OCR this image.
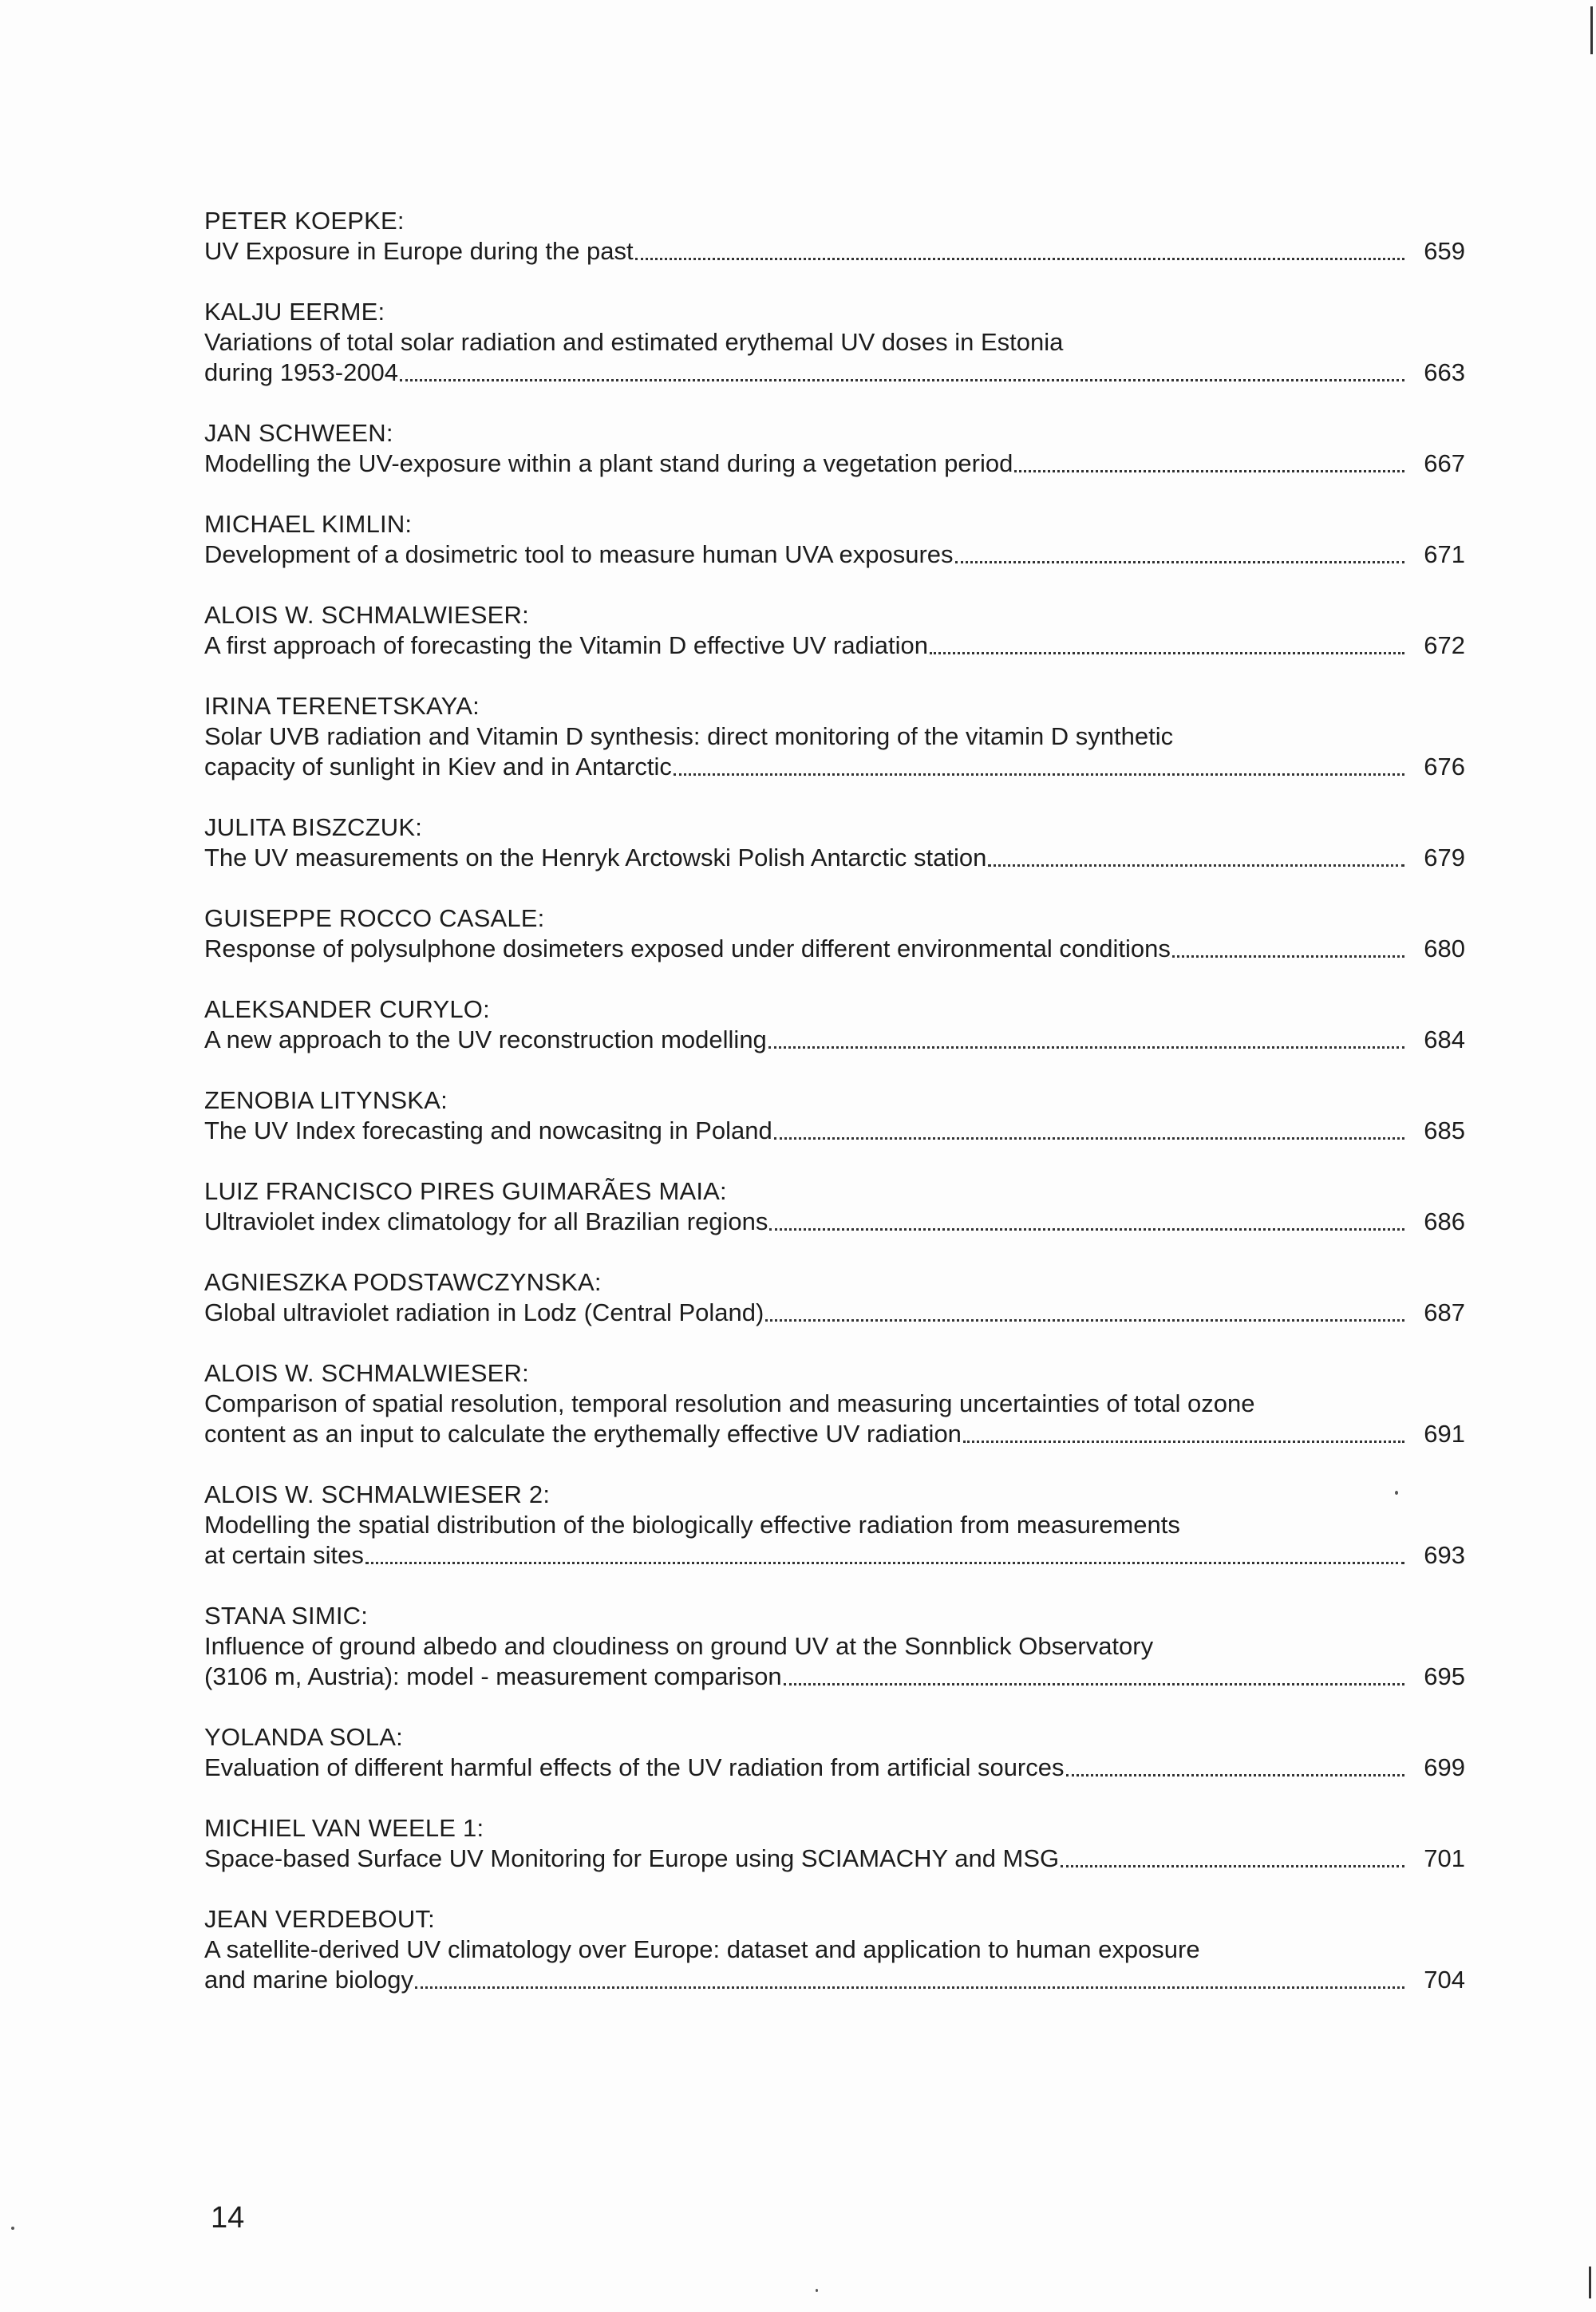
PETER KOEPKE:
UV Exposure in Europe during the past	659
KALJU EERME:
Variations of total solar radiation and estimated erythemal UV doses in Estonia
during 1953-2004	663
JAN SCHWEEN:
Modelling the UV-exposure within a plant stand during a vegetation period	667
MICHAEL KIMLIN:
Development of a dosimetric tool to measure human UVA exposures	671
ALOIS W. SCHMALWIESER:
A first approach of forecasting the Vitamin D effective UV radiation	672
IRINA TERENETSKAYA:
Solar UVB radiation and Vitamin D synthesis: direct monitoring of the vitamin D synthetic
capacity of sunlight in Kiev and in Antarctic	676
JULITA BISZCZUK:
The UV measurements on the Henryk Arctowski Polish Antarctic station	679
GUISEPPE ROCCO CASALE:
Response of polysulphone dosimeters exposed under different environmental conditions	680
ALEKSANDER CURYLO:
A new approach to the UV reconstruction modelling	684
ZENOBIA LITYNSKA:
The UV Index forecasting and nowcasitng in Poland	685
LUIZ FRANCISCO PIRES GUIMARÃES MAIA:
Ultraviolet index climatology for all Brazilian regions	686
AGNIESZKA PODSTAWCZYNSKA:
Global ultraviolet radiation in Lodz (Central Poland)	687
ALOIS W. SCHMALWIESER:
Comparison of spatial resolution, temporal resolution and measuring uncertainties of total ozone
content as an input to calculate the erythemally effective UV radiation	691
ALOIS W. SCHMALWIESER 2:
Modelling the spatial distribution of the biologically effective radiation from measurements
at certain sites	693
STANA SIMIC:
Influence of ground albedo and cloudiness on ground UV at the Sonnblick Observatory
(3106 m, Austria): model - measurement comparison	695
YOLANDA SOLA:
Evaluation of different harmful effects of the UV radiation from artificial sources	699
MICHIEL VAN WEELE 1:
Space-based Surface UV Monitoring for Europe using SCIAMACHY and MSG	701
JEAN VERDEBOUT:
A satellite-derived UV climatology over Europe: dataset and application to human exposure
and marine biology	704
14
